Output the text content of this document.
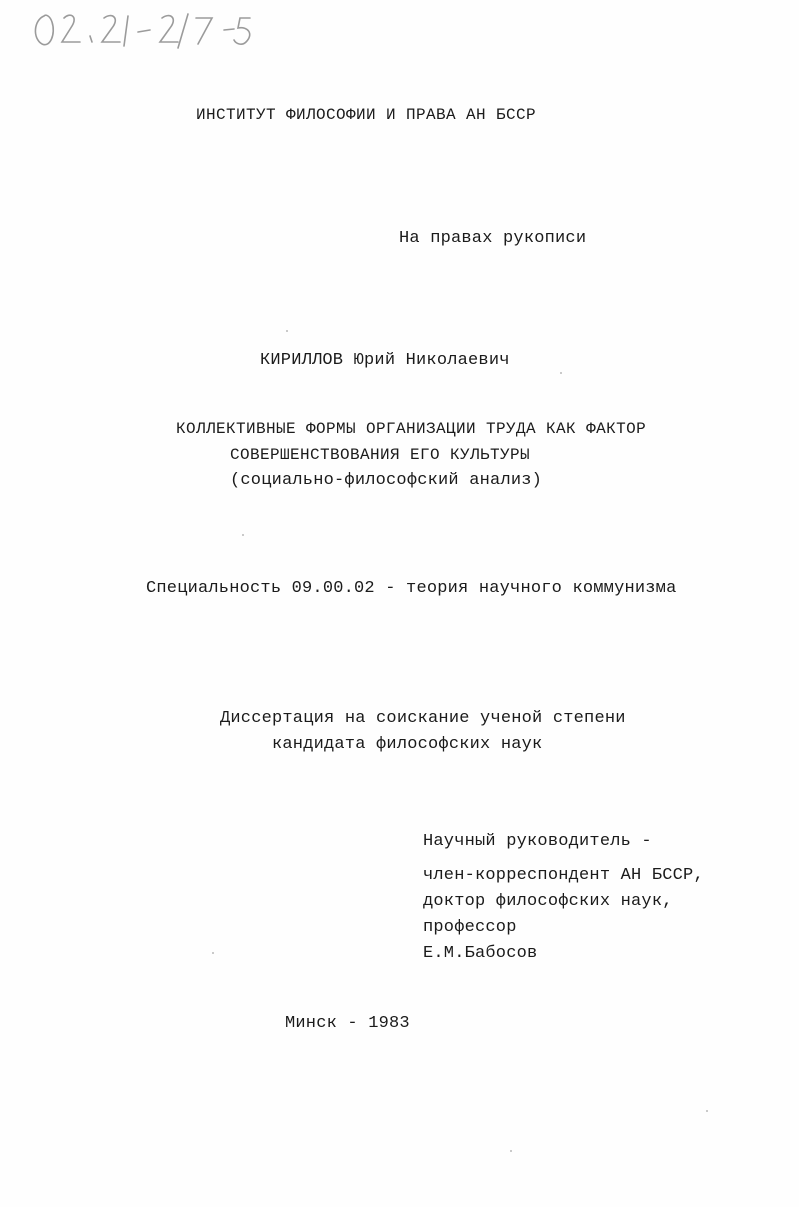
ИНСТИТУТ ФИЛОСОФИИ И ПРАВА АН БССР
На правах рукописи
КИРИЛЛОВ Юрий Николаевич
КОЛЛЕКТИВНЫЕ ФОРМЫ ОРГАНИЗАЦИИ ТРУДА КАК ФАКТОР
СОВЕРШЕНСТВОВАНИЯ ЕГО КУЛЬТУРЫ
(социально-философский анализ)
Специальность 09.00.02 - теория научного коммунизма
Диссертация на соискание ученой степени
кандидата философских наук
Научный руководитель -
член-корреспондент АН БССР,
доктор философских наук,
профессор
Е.М.Бабосов
Минск - 1983
